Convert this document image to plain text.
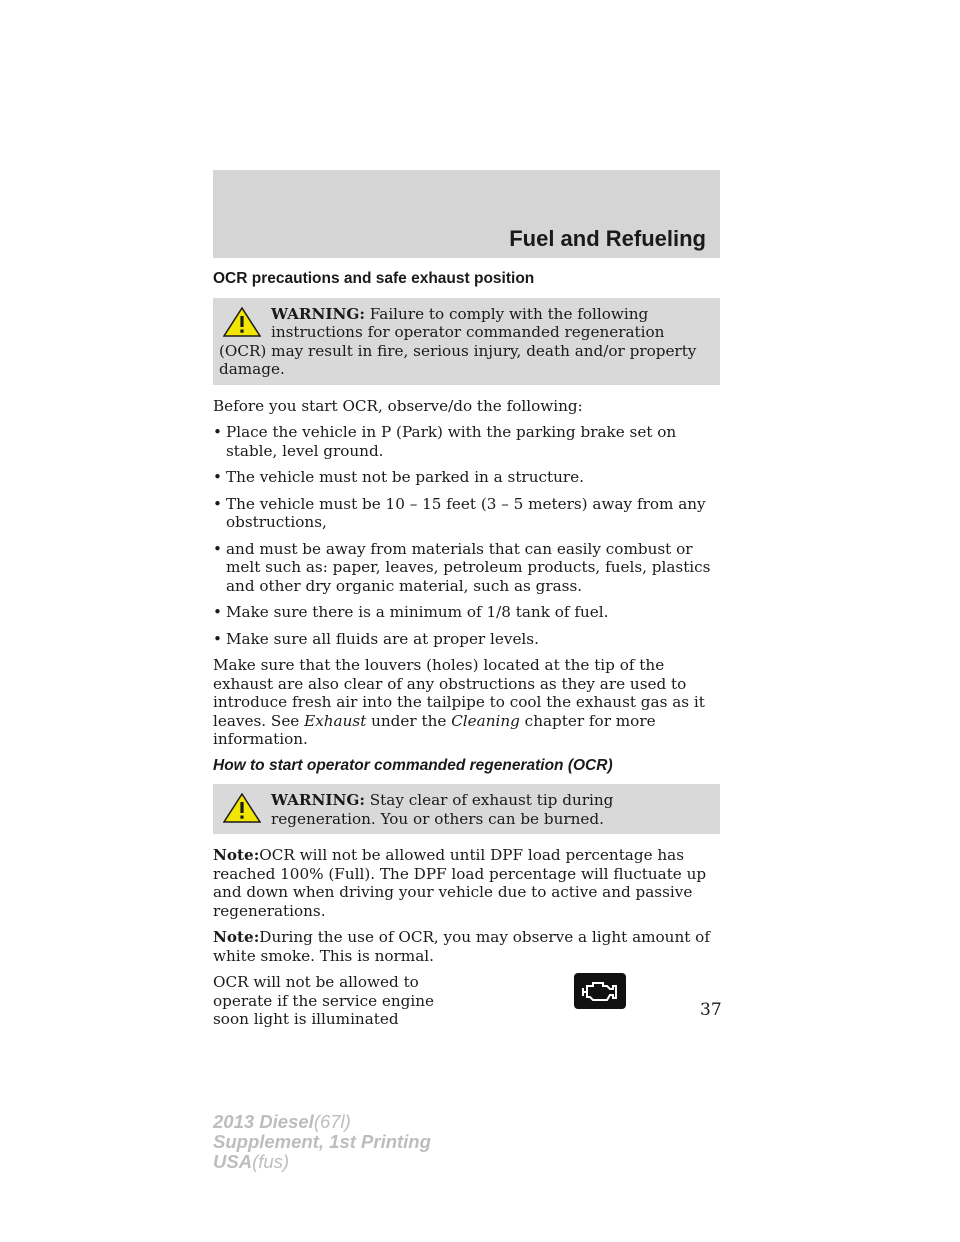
Fuel and Refueling
OCR precautions and safe exhaust position
WARNING: Failure to comply with the following instructions for operator commanded regeneration (OCR) may result in fire, serious injury, death and/or property damage.

Before you start OCR, observe/do the following:

• Place the vehicle in P (Park) with the parking brake set on stable, level ground.
• The vehicle must not be parked in a structure.
• The vehicle must be 10 – 15 feet (3 – 5 meters) away from any obstructions,
• and must be away from materials that can easily combust or melt such as: paper, leaves, petroleum products, fuels, plastics and other dry organic material, such as grass.
• Make sure there is a minimum of 1/8 tank of fuel.
• Make sure all fluids are at proper levels.

Make sure that the louvers (holes) located at the tip of the exhaust are also clear of any obstructions as they are used to introduce fresh air into the tailpipe to cool the exhaust gas as it leaves. See Exhaust under the Cleaning chapter for more information.

How to start operator commanded regeneration (OCR)
WARNING: Stay clear of exhaust tip during regeneration. You or others can be burned.

Note:OCR will not be allowed until DPF load percentage has reached 100% (Full). The DPF load percentage will fluctuate up and down when driving your vehicle due to active and passive regenerations.

Note:During the use of OCR, you may observe a light amount of white smoke. This is normal.

OCR will not be allowed to operate if the service engine soon light is illuminated	37
2013 Diesel(67l)
Supplement, 1st Printing
USA(fus)
